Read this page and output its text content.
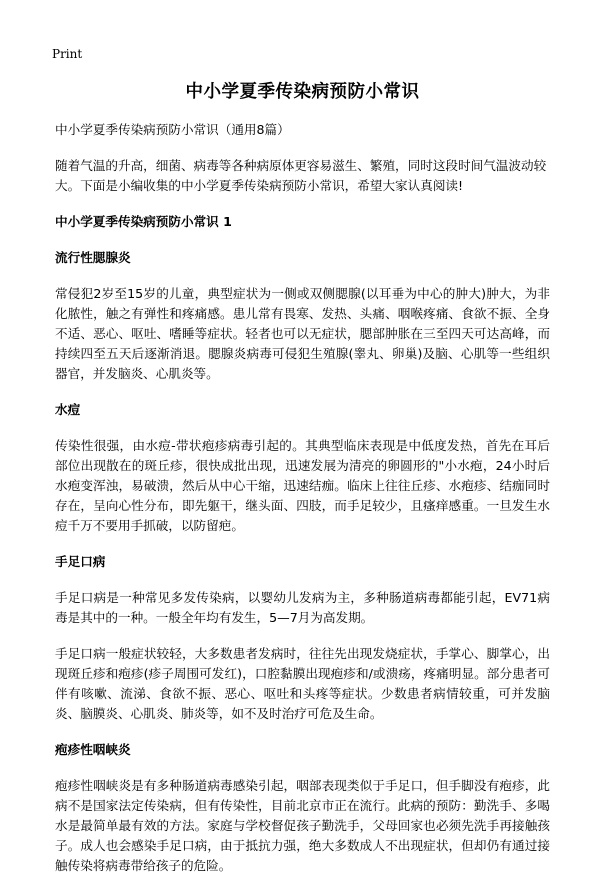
Print
中小学夏季传染病预防小常识

中小学夏季传染病预防小常识（通用8篇）

随着气温的升高，细菌、病毒等各种病原体更容易滋生、繁殖，同时这段时间气温波动较大。下面是小编收集的中小学夏季传染病预防小常识，希望大家认真阅读!

中小学夏季传染病预防小常识 1
流行性腮腺炎

常侵犯2岁至15岁的儿童，典型症状为一侧或双侧腮腺(以耳垂为中心的肿大)肿大，为非化脓性，触之有弹性和疼痛感。患儿常有畏寒、发热、头痛、咽喉疼痛、食欲不振、全身不适、恶心、呕吐、嗜睡等症状。轻者也可以无症状，腮部肿胀在三至四天可达高峰，而持续四至五天后逐渐消退。腮腺炎病毒可侵犯生殖腺(睾丸、卵巢)及脑、心肌等一些组织器官，并发脑炎、心肌炎等。

水痘

传染性很强，由水痘-带状疱疹病毒引起的。其典型临床表现是中低度发热，首先在耳后部位出现散在的斑丘疹，很快成批出现，迅速发展为清亮的卵圆形的"小水疱，24小时后水疱变浑浊，易破溃，然后从中心干缩，迅速结痂。临床上往往丘疹、水疱疹、结痂同时存在，呈向心性分布，即先躯干，继头面、四肢，而手足较少，且瘙痒感重。一旦发生水痘千万不要用手抓破，以防留疤。

手足口病

手足口病是一种常见多发传染病，以婴幼儿发病为主，多种肠道病毒都能引起，EV71病毒是其中的一种。一般全年均有发生，5—7月为高发期。

手足口病一般症状较轻，大多数患者发病时，往往先出现发烧症状，手掌心、脚掌心，出现斑丘疹和疱疹(疹子周围可发红)，口腔黏膜出现疱疹和/或溃疡，疼痛明显。部分患者可伴有咳嗽、流涕、食欲不振、恶心、呕吐和头疼等症状。少数患者病情较重，可并发脑炎、脑膜炎、心肌炎、肺炎等，如不及时治疗可危及生命。

疱疹性咽峡炎

疱疹性咽峡炎是有多种肠道病毒感染引起，咽部表现类似于手足口，但手脚没有疱疹，此病不是国家法定传染病，但有传染性，目前北京市正在流行。此病的预防：勤洗手、多喝水是最简单最有效的方法。家庭与学校督促孩子勤洗手，父母回家也必须先洗手再接触孩子。成人也会感染手足口病，由于抵抗力强，绝大多数成人不出现症状，但却仍有通过接触传染将病毒带给孩子的危险。
